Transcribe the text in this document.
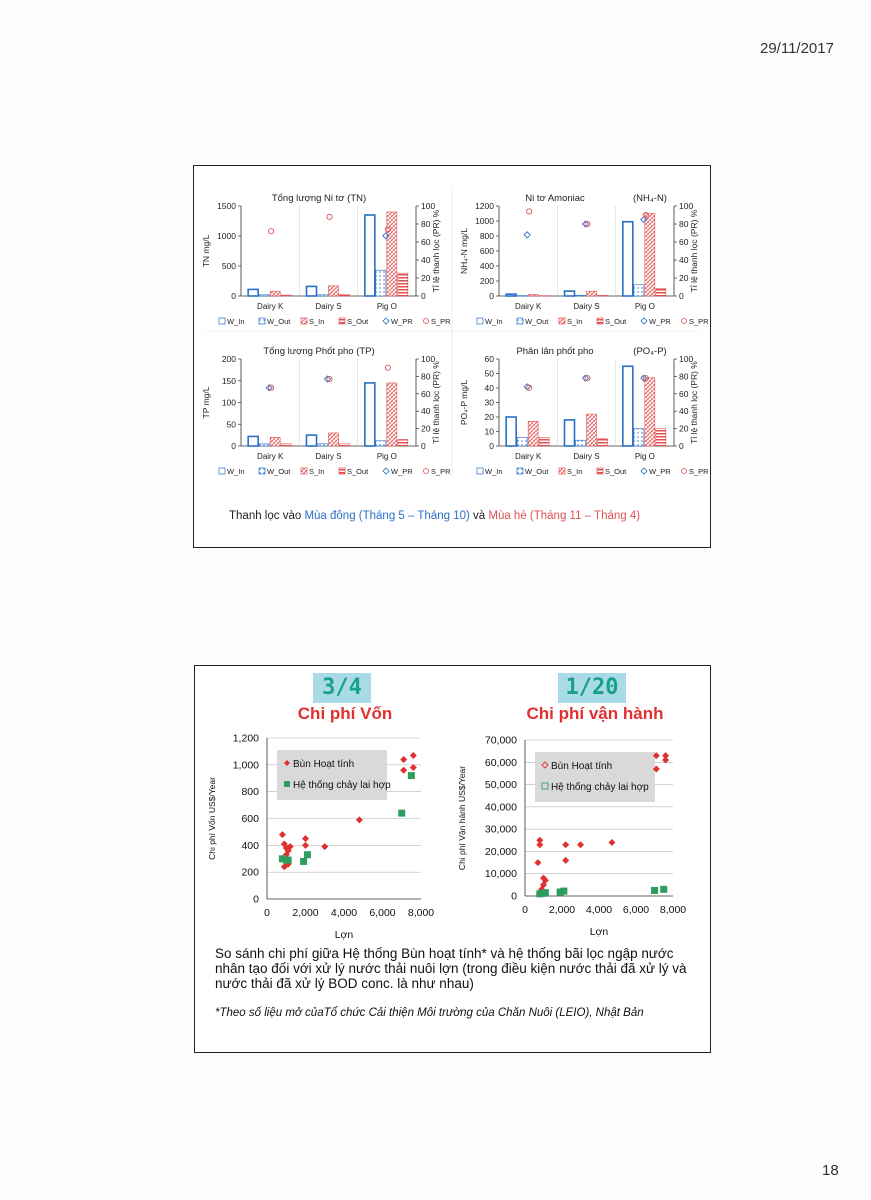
29/11/2017
18
Tổng lượng Ni tơ (TN)
0
500
1000
1500
0
20
40
60
80
100
TN mg/L	Tỉ lệ thanh lọc (PR) %
Dairy K	Dairy S	Pig O
W_In	W_Out S_In	S_Out	W_PR S_PR
Ni tơ Amoniac	(NH₄-N)
0
200
400
600
800
1000
1200
0
20
40
60
80
100
NH₄-N mg/L	Tỉ lệ thanh lọc (PR) %
Dairy K	Dairy S	Pig O
W_In	W_Out S_In	S_Out	W_PR S_PR
Tổng lượng Phốt pho (TP)
0
50
100
150
200
0
20
40
60
80
100
TP mg/L	Tỉ lệ thanh lọc (PR) %
Dairy K	Dairy S	Pig O
W_In	W_Out S_In	S_Out	W_PR S_PR
Phân lân phốt pho	(PO₄-P)
0
10
20
30
40
50
60
0
20
40
60
80
100
PO₄-P mg/L	Tỉ lệ thanh lọc (PR) %
Dairy K	Dairy S	Pig O
W_In	W_Out S_In	S_Out	W_PR S_PR
Thanh lọc vào Mùa đông (Tháng 5 – Tháng 10) và Mùa hè (Tháng 11 – Tháng 4)
3/4
Chi phí Vốn
1/20
Chi phí vận hành
0
200
400
600
800
1,000
1,200
0 2,000 4,000 6,000 8,000
Lợn
Chi phí Vốn US$/Year
Bùn Hoạt tính
Hệ thống chảy lai hợp
0
10,000
20,000
30,000
40,000
50,000
60,000
70,000
0 2,000 4,000 6,000 8,000
Lợn
Chi phí Vận hành US$/Year	Bùn Hoạt tính
Hệ thống chảy lai hợp
So sánh chi phí giữa Hệ thống Bùn hoạt tính* và hệ thống bãi lọc ngập nước nhân tạo đối với xử lý nước thải nuôi lợn (trong điều kiện nước thải đã xử lý và nước thải đã xử lý BOD conc. là như nhau)
*Theo số liệu mở củaTổ chức Cải thiện Môi trường của Chăn Nuôi (LEIO), Nhật Bản
